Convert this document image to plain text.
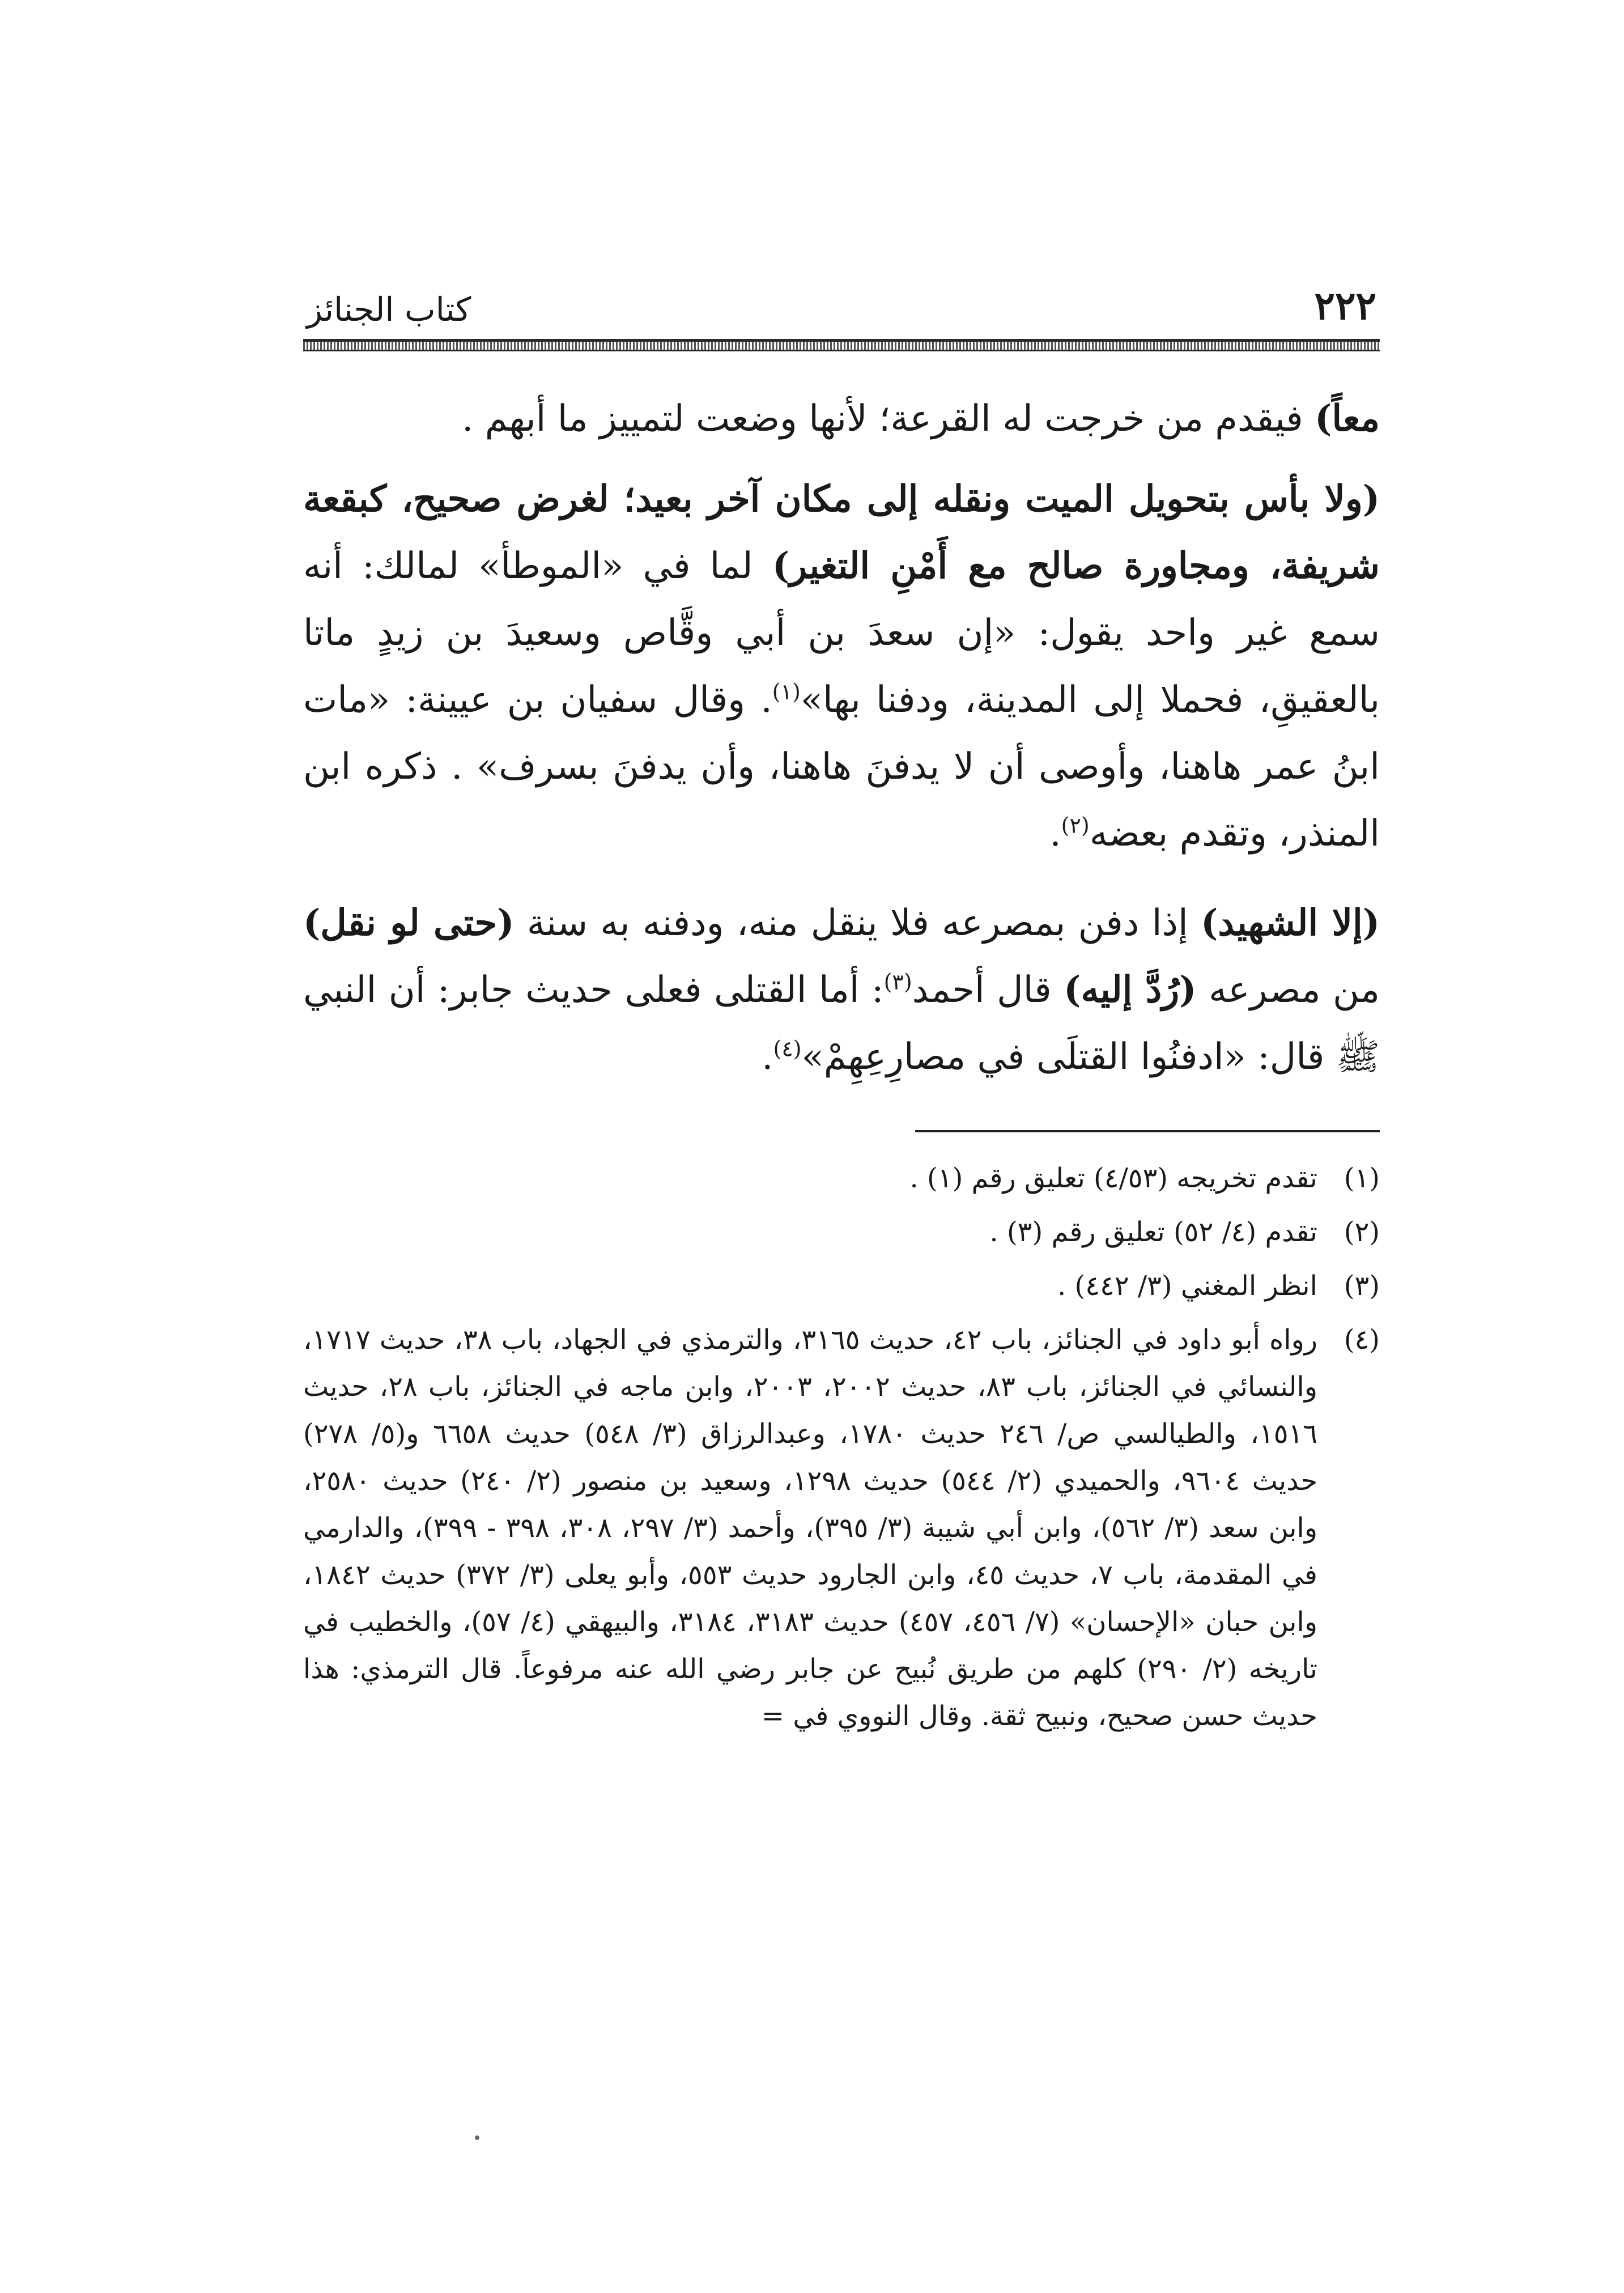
٢٢٢
كتاب الجنائز

معاً) فيقدم من خرجت له القرعة؛ لأنها وضعت لتمييز ما أبهم .

(ولا بأس بتحويل الميت ونقله إلى مكان آخر بعيد؛ لغرض صحيح، كبقعة شريفة، ومجاورة صالح مع أَمْنِ التغير) لما في «الموطأ» لمالك: أنه سمع غير واحد يقول: «إن سعدَ بن أبي وقَّاص وسعيدَ بن زيدٍ ماتا بالعقيقِ، فحملا إلى المدينة، ودفنا بها»$^{(١)}$. وقال سفيان بن عيينة: «مات ابنُ عمر هاهنا، وأوصى أن لا يدفنَ هاهنا، وأن يدفنَ بسرف» . ذكره ابن المنذر، وتقدم بعضه$^{(٢)}$.

(إلا الشهيد) إذا دفن بمصرعه فلا ينقل منه، ودفنه به سنة (حتى لو نقل) من مصرعه (رُدَّ إليه) قال أحمد$^{(٣)}$: أما القتلى فعلى حديث جابر: أن النبي ﷺ قال: «ادفنُوا القتلَى في مصارِعِهِمْ»$^{(٤)}$.

(١)
تقدم تخريجه (٤/٥٣) تعليق رقم (١) .
(٢)
تقدم (٤/ ٥٢) تعليق رقم (٣) .
(٣)
انظر المغني (٣/ ٤٤٢) .
(٤)
رواه أبو داود في الجنائز، باب ٤٢، حديث ٣١٦٥، والترمذي في الجهاد، باب ٣٨، حديث ١٧١٧، والنسائي في الجنائز، باب ٨٣، حديث ٢٠٠٢، ٢٠٠٣، وابن ماجه في الجنائز، باب ٢٨، حديث ١٥١٦، والطيالسي ص/ ٢٤٦ حديث ١٧٨٠، وعبدالرزاق (٣/ ٥٤٨) حديث ٦٦٥٨ و(٥/ ٢٧٨) حديث ٩٦٠٤، والحميدي (٢/ ٥٤٤) حديث ١٢٩٨، وسعيد بن منصور (٢/ ٢٤٠) حديث ٢٥٨٠، وابن سعد (٣/ ٥٦٢)، وابن أبي شيبة (٣/ ٣٩٥)، وأحمد (٣/ ٢٩٧، ٣٠٨، ٣٩٨ - ٣٩٩)، والدارمي في المقدمة، باب ٧، حديث ٤٥، وابن الجارود حديث ٥٥٣، وأبو يعلى (٣/ ٣٧٢) حديث ١٨٤٢، وابن حبان «الإحسان» (٧/ ٤٥٦، ٤٥٧) حديث ٣١٨٣، ٣١٨٤، والبيهقي (٤/ ٥٧)، والخطيب في تاريخه (٢/ ٢٩٠) كلهم من طريق نُبيح عن جابر رضي الله عنه مرفوعاً. قال الترمذي: هذا حديث حسن صحيح، ونبيح ثقة. وقال النووي في =
